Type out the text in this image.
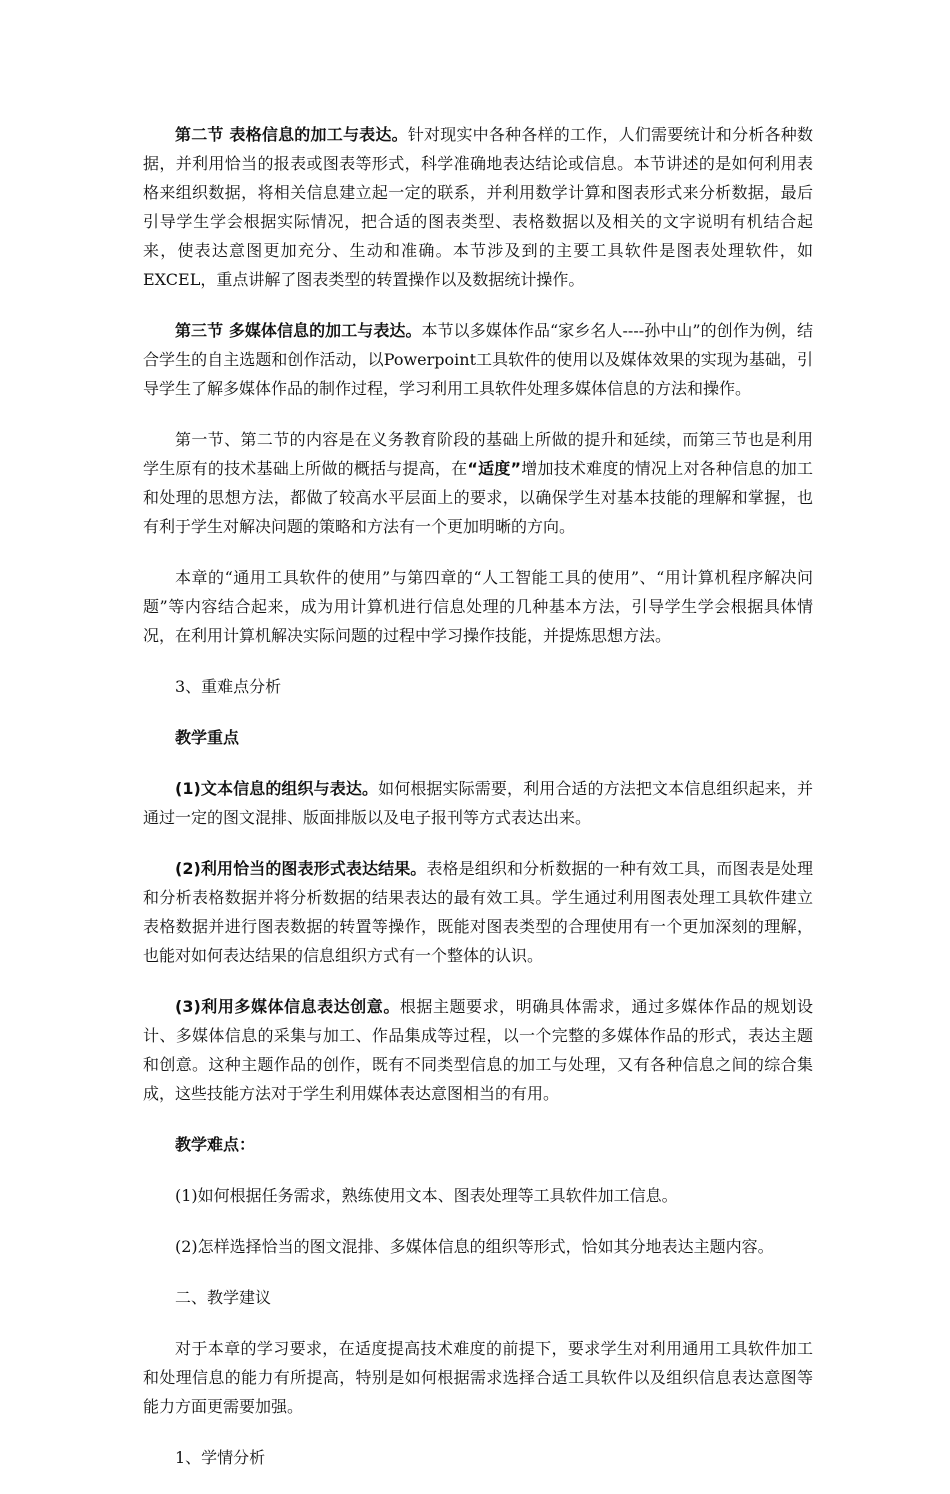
第二节 表格信息的加工与表达。针对现实中各种各样的工作，人们需要统计和分析各种数据，并利用恰当的报表或图表等形式，科学准确地表达结论或信息。本节讲述的是如何利用表格来组织数据，将相关信息建立起一定的联系，并利用数学计算和图表形式来分析数据，最后引导学生学会根据实际情况，把合适的图表类型、表格数据以及相关的文字说明有机结合起来，使表达意图更加充分、生动和准确。本节涉及到的主要工具软件是图表处理软件，如EXCEL，重点讲解了图表类型的转置操作以及数据统计操作。

第三节 多媒体信息的加工与表达。本节以多媒体作品“家乡名人----孙中山”的创作为例，结合学生的自主选题和创作活动，以Powerpoint工具软件的使用以及媒体效果的实现为基础，引导学生了解多媒体作品的制作过程，学习利用工具软件处理多媒体信息的方法和操作。

第一节、第二节的内容是在义务教育阶段的基础上所做的提升和延续，而第三节也是利用学生原有的技术基础上所做的概括与提高，在“适度”增加技术难度的情况上对各种信息的加工和处理的思想方法，都做了较高水平层面上的要求，以确保学生对基本技能的理解和掌握，也有利于学生对解决问题的策略和方法有一个更加明晰的方向。

本章的“通用工具软件的使用”与第四章的“人工智能工具的使用”、“用计算机程序解决问题”等内容结合起来，成为用计算机进行信息处理的几种基本方法，引导学生学会根据具体情况，在利用计算机解决实际问题的过程中学习操作技能，并提炼思想方法。

3、重难点分析

教学重点

(1)文本信息的组织与表达。如何根据实际需要，利用合适的方法把文本信息组织起来，并通过一定的图文混排、版面排版以及电子报刊等方式表达出来。

(2)利用恰当的图表形式表达结果。表格是组织和分析数据的一种有效工具，而图表是处理和分析表格数据并将分析数据的结果表达的最有效工具。学生通过利用图表处理工具软件建立表格数据并进行图表数据的转置等操作，既能对图表类型的合理使用有一个更加深刻的理解，也能对如何表达结果的信息组织方式有一个整体的认识。

(3)利用多媒体信息表达创意。根据主题要求，明确具体需求，通过多媒体作品的规划设计、多媒体信息的采集与加工、作品集成等过程，以一个完整的多媒体作品的形式，表达主题和创意。这种主题作品的创作，既有不同类型信息的加工与处理，又有各种信息之间的综合集成，这些技能方法对于学生利用媒体表达意图相当的有用。

教学难点：

(1)如何根据任务需求，熟练使用文本、图表处理等工具软件加工信息。

(2)怎样选择恰当的图文混排、多媒体信息的组织等形式，恰如其分地表达主题内容。

二、教学建议

对于本章的学习要求，在适度提高技术难度的前提下，要求学生对利用通用工具软件加工和处理信息的能力有所提高，特别是如何根据需求选择合适工具软件以及组织信息表达意图等能力方面更需要加强。

1、学情分析
